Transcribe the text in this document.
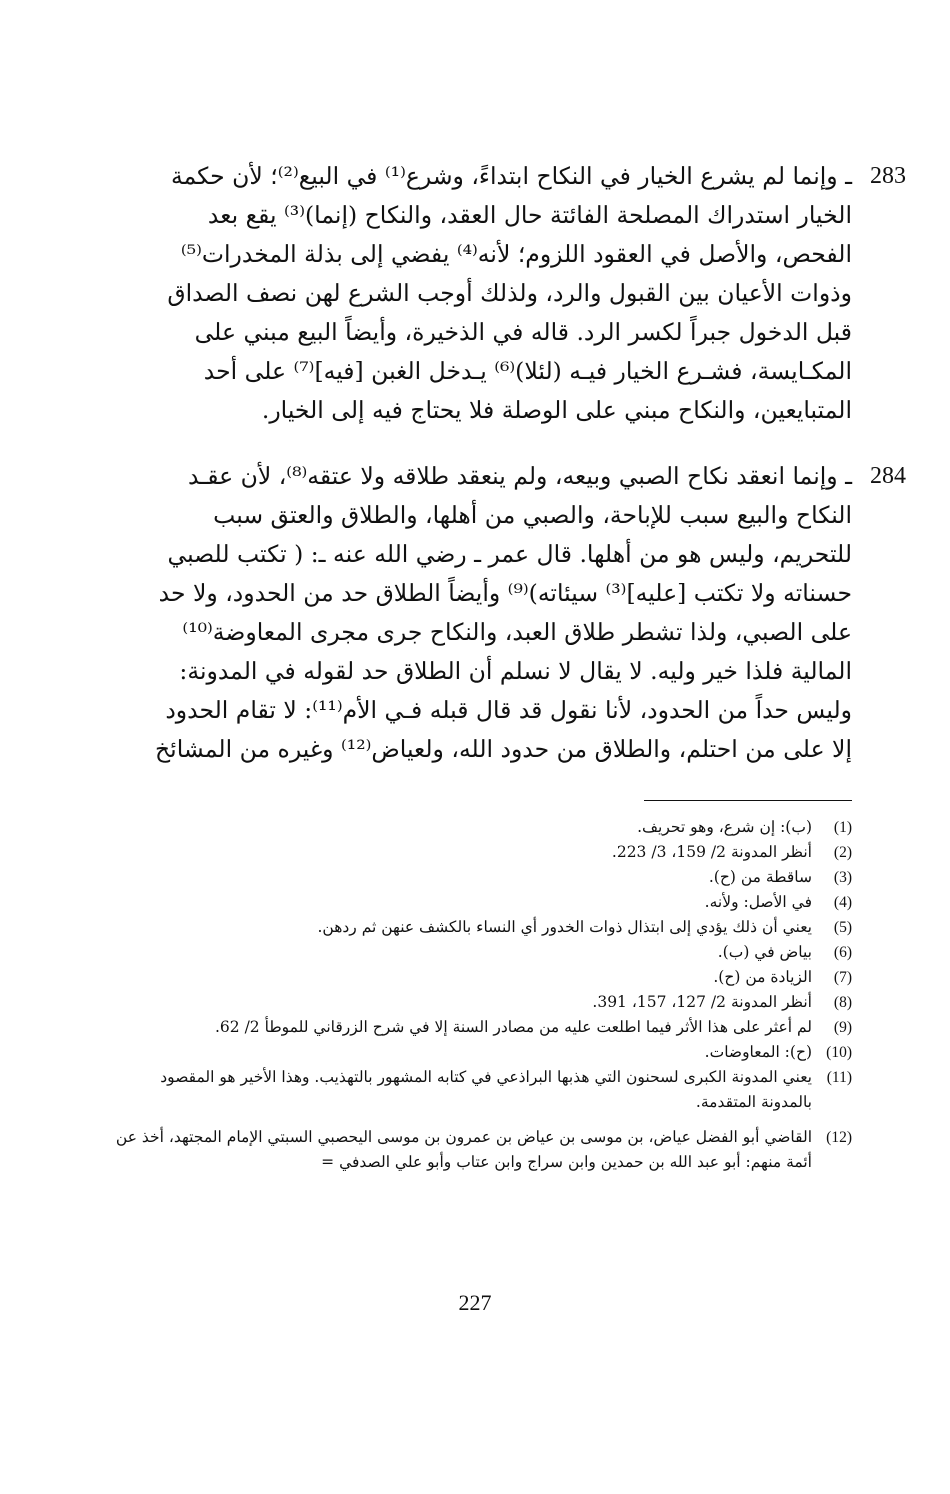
283
ـ وإنما لم يشرع الخيار في النكاح ابتداءً، وشرع⁽¹⁾ في البيع⁽²⁾؛ لأن حكمة
الخيار استدراك المصلحة الفائتة حال العقد، والنكاح (إنما)⁽³⁾ يقع بعد
الفحص، والأصل في العقود اللزوم؛ لأنه⁽⁴⁾ يفضي إلى بذلة المخدرات⁽⁵⁾
وذوات الأعيان بين القبول والرد، ولذلك أوجب الشرع لهن نصف الصداق
قبل الدخول جبراً لكسر الرد. قاله في الذخيرة، وأيضاً البيع مبني على
المكـايسة، فشـرع الخيار فيـه (لئلا)⁽⁶⁾ يـدخل الغبن [فيه]⁽⁷⁾ على أحد
المتبايعين، والنكاح مبني على الوصلة فلا يحتاج فيه إلى الخيار.
284
ـ وإنما انعقد نكاح الصبي وبيعه، ولم ينعقد طلاقه ولا عتقه⁽⁸⁾، لأن عقـد
النكاح والبيع سبب للإباحة، والصبي من أهلها، والطلاق والعتق سبب
للتحريم، وليس هو من أهلها. قال عمر ـ رضي الله عنه ـ: ( تكتب للصبي
حسناته ولا تكتب [عليه]⁽³⁾ سيئاته)⁽⁹⁾ وأيضاً الطلاق حد من الحدود، ولا حد
على الصبي، ولذا تشطر طلاق العبد، والنكاح جرى مجرى المعاوضة⁽¹⁰⁾
المالية فلذا خير وليه. لا يقال لا نسلم أن الطلاق حد لقوله في المدونة:
وليس حداً من الحدود، لأنا نقول قد قال قبله فـي الأم⁽¹¹⁾: لا تقام الحدود
إلا على من احتلم، والطلاق من حدود الله، ولعياض⁽¹²⁾ وغيره من المشائخ

(1)
(ب): إن شرع، وهو تحريف.

(2)
أنظر المدونة 2/ 159، 3/ 223.

(3)
ساقطة من (ح).

(4)
في الأصل: ولأنه.

(5)
يعني أن ذلك يؤدي إلى ابتذال ذوات الخدور أي النساء بالكشف عنهن ثم ردهن.

(6)
بياض في (ب).

(7)
الزيادة من (ح).

(8)
أنظر المدونة 2/ 127، 157، 391.

(9)
لم أعثر على هذا الأثر فيما اطلعت عليه من مصادر السنة إلا في شرح الزرقاني للموطأ 2/ 62.

(10)
(ح): المعاوضات.

(11)
يعني المدونة الكبرى لسحنون التي هذبها البراذعي في كتابه المشهور بالتهذيب. وهذا الأخير هو المقصود بالمدونة المتقدمة.

(12)
القاضي أبو الفضل عياض، بن موسى بن عياض بن عمرون بن موسى اليحصبي السبتي الإمام المجتهد، أخذ عن أئمة منهم: أبو عبد الله بن حمدين وابن سراج وابن عتاب وأبو علي الصدفي =

227
